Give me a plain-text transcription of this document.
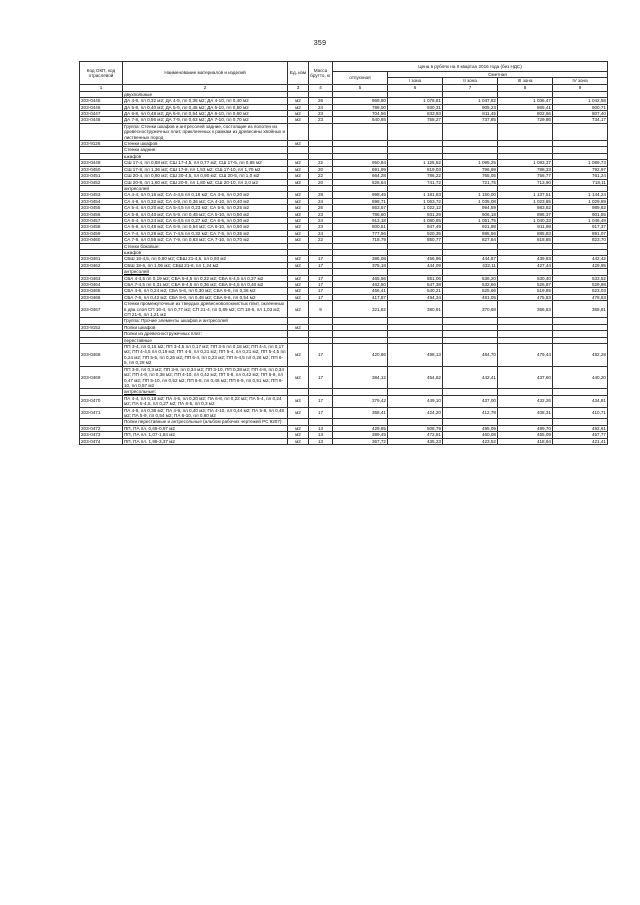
359
Код ОКП, код отраслевой	Наименование материалов и изделий	Ед. изм	Масса брутто, кг	Цена в рублях на II квартал 2016 года (без НДС)				
				отпускная	Сметная			
					I зона	II зона	III зона	IV зона
1	2	3	4	5	6	7	8	9
	двухпольные							
203-0445	ДА 4-8, пл 0,32 м2; ДА 4-9, пл 0,36 м2; ДА 4-10, пл 0,40 м2	м2	26	969,80	1 076,81	1 047,82	1 036,47	1 042,58
203-0446	ДА 5-8, пл 0,40 м2; ДА 5-9, пл 0,45 м2; ДА 5-10, пл 0,50 м2	м2	24	788,00	930,31	905,23	865,41	900,71
203-0447	ДА 6-8, пл 0,48 м2; ДА 6-9, пл 0,54 м2; ДА 6-10, пл 0,60 м2	м2	23	704,56	833,93	811,45	802,66	807,40
203-0448	ДА 7-8, пл 0,56 м2; ДА 7-9, пл 0,63 м2; ДА 7-10, пл 0,70 м2	м2	23	640,65	758,27	737,85	729,86	734,17
	Группа: Стенки шкафов и антресолей задние, состоящие из полотен из древесностружечных плит, приклеенных к рамкам из древесины хвойных и лиственных пород							
203-9126	Стенки шкафов	м2						
	Стенки задние:							
	шкафов							
203-0449	СШ 17-4, пл 0,68 м2; СШ 17-4,5, пл 0,77 м2; СШ 17-5, пл 0,85 м2	м2	22	950,84	1 125,52	1 095,25	1 083,37	1 089,73
203-0450	СШ 17-8, пл 1,36 м2; СШ 17-9, пл 1,53 м2; СШ 17-10, пл 1,70 м2	м2	20	691,99	819,03	796,99	788,33	792,97
203-0451	СШ 20-4, пл 0,80 м2; СШ 20-4,5, пл 0,90 м2; СШ 20-5, пл 1,0 м2	м2	22	664,28	786,22	765,05	756,77	761,24
203-0452	СШ 20-8, пл 1,60 м2; СШ 20-9, пл 1,80 м2; СШ 20-10, пл 2,0 м2	м2	20	626,64	741,72	721,75	713,90	718,11
	антресолей							
203-0453	СА 4-4, пл 0,16 м2; СА 4-4,5 пл 0,18 м2; СА 4-5, пл 0,20 м2	м2	28	998,45	1 181,83	1 150,00	1 137,51	1 144,24
203-0454	СА 4-8, пл 0,32 м2; СА 4-9, пл 0,36 м2; СА 4-10, пл 0,40 м2	м2	24	898,71	1 063,72	1 035,08	1 023,85	1 029,89
203-0455	СА 5-4, пл 0,20 м2; СА 5-4,5 пл 0,23 м2; СА 5-5, пл 0,25 м2	м2	26	863,57	1 022,12	994,59	983,82	989,82
203-0456	СА 5-8, пл 0,40 м2; СА 5-9, пл 0,45 м2; СА 5-10, пл 0,50 м2	м2	23	786,80	931,29	906,18	896,37	901,55
203-0457	СА 6-4, пл 0,24 м2; СА 6-4,5 пл 0,27 м2; СА 6-5, пл 0,30 м2	м2	24	913,18	1 080,85	1 051,75	1 040,33	1 046,49
203-0458	СА 6-8, пл 0,48 м2; СА 6-9, пл 0,54 м2; СА 6-10, пл 0,60 м2	м2	23	800,51	947,49	921,98	911,98	917,37
203-0459	СА 7-4, пл 0,28 м2; СА 7-4,5 пл 0,32 м2; СА 7-5, пл 0,35 м2	м2	24	777,56	920,35	895,56	885,83	891,07
203-0460	СА 7-8, пл 0,56 м2; СА 7-9, пл 0,63 м2; СА 7-10, пл 0,70 м2	м2	22	718,79	850,77	827,84	818,85	823,70
	Стенки боковые:							
	шкафов							
203-0461	СБШ 18-4,5, пл 0,80 м2; СБШ 21-4,5, пл 0,93 м2	м2	17	386,08	456,96	444,67	439,83	442,42
203-0462	СБШ 18-6, пл 1,06 м2; СБШ 21-6, пл 1,24 м2	м2	17	375,18	444,09	432,11	427,44	429,95
	антресолей							
203-0463	СБА 4-4,5 пл 0,19 м2; СБА 5-4,5 пл 0,22 м2; СБА 6-4,5 пл 0,27 м2	м2	17	465,56	551,06	536,20	530,40	533,52
203-0464	СБА 7-4,5 пл 0,31 м2; СБА 8-4,5 пл 0,36 м2; СБА 9-4,5 пл 0,40 м2	м2	17	462,50	547,38	532,66	526,87	529,98
203-0465	СБА 4-6, пл 0,24 м2; СБА 5-6, пл 0,30 м2; СБА 6-6, пл 0,36 м2	м2	17	456,41	540,21	525,66	519,95	523,03
203-0466	СБА 7-6, пл 0,42 м2; СБА 8-6, пл 0,48 м2; СБА 9-6, пл 0,54 м2	м2	17	417,87	494,34	481,05	475,83	478,63
203-0467	Стенки промежуточные из твердых древесноволокнистых плит, оклеенных в два слоя СП 16-4, пл 0,77 м2; СП 21-4, пл 0,89 м2; СП 18-6, пл 1,03 м2; СП 21-6, пл 1,21 м2	м2	9	321,82	380,91	370,68	366,63	368,81
	Группа: Прочие элементы шкафов и антресолей							
203-9152	Полки шкафов	м2						
	Полки из древесностружечных плит:							
	переставные							
203-0468	ПП 3-4, пл 0,15 м2; ПП 3-4,5 пл 0,17 м2; ПП 3-5 пл 0,18 м2; ПП 4-4, пл 0,17 м2; ПП 4-4,5 пл 0,19 м2; ПП 4-5, пл 0,21 м2; ПП 5-4, пл 0,21 м2; ПП 5-4,5 пл 0,24 м2; ПП 5-5, пл 0,26 м2; ПП 6-4, пл 0,23 м2; ПП 6-4,5 пл 0,26 м2; ПП 6-5, пл 0,28 м2	м2	17	420,86	498,13	484,70	479,44	482,28
203-0469	ПП 3-8, пл 0,3 м2; ПП 3-9, пл 0,34 м2; ПП 3-10, ПП 0,38 м2; ПП 4-8, пл 0,34 м2; ПП 4-9, пл 0,38 м2; ПП 4-10, пл 0,42 м2; ПП 5-8, пл 0,42 м2; ПП 5-9, пл 0,47 м2; ПП 5-10, пл 0,52 м2; ПП 6-8, пл 0,46 м2; ПП 6-9, пл 0,51 м2; ПП 6-10, пл 0,57 м2	м2	17	384,12	454,62	442,41	437,60	440,20
	антресольные:							
203-0470	ПА 4-4, пл 0,18 м2; ПА 4-5, пл 0,20 м2; ПА 6-8, пл 0,22 м2; ПА 5-4, пл 0,24 м2; ПА 5-4,5, пл 0,27 м2; ПА 6-5, пл 0,3 м2	м2	17	379,42	449,10	437,00	432,26	434,81
203-0471	ПА 4-8, пл 0,36 м2; ПА 4-9, пл 0,40 м2; ПА 4-10, пл 0,44 м2; ПА 5-8, пл 0,48 м2; ПА 5-9, пл 0,54 м2; ПА 6-10, пл 0,60 м2	м2	17	358,41	424,20	412,78	408,31	410,71
	Полки переставные и антресольные (альбом рабочих чертежей РС 9207):							
203-0472	ПП, ПА пл. 0,65-0,97 м2	м2	13	429,85	508,79	495,09	489,70	492,61
203-0473	ПП, ПА пл. 1,07-1,84 м2	м2	13	399,45	472,81	460,08	455,09	457,77
203-0474	ПП, ПА пл. 1,99-3,37 м2	м2	13	367,72	435,23	423,52	418,94	421,41
